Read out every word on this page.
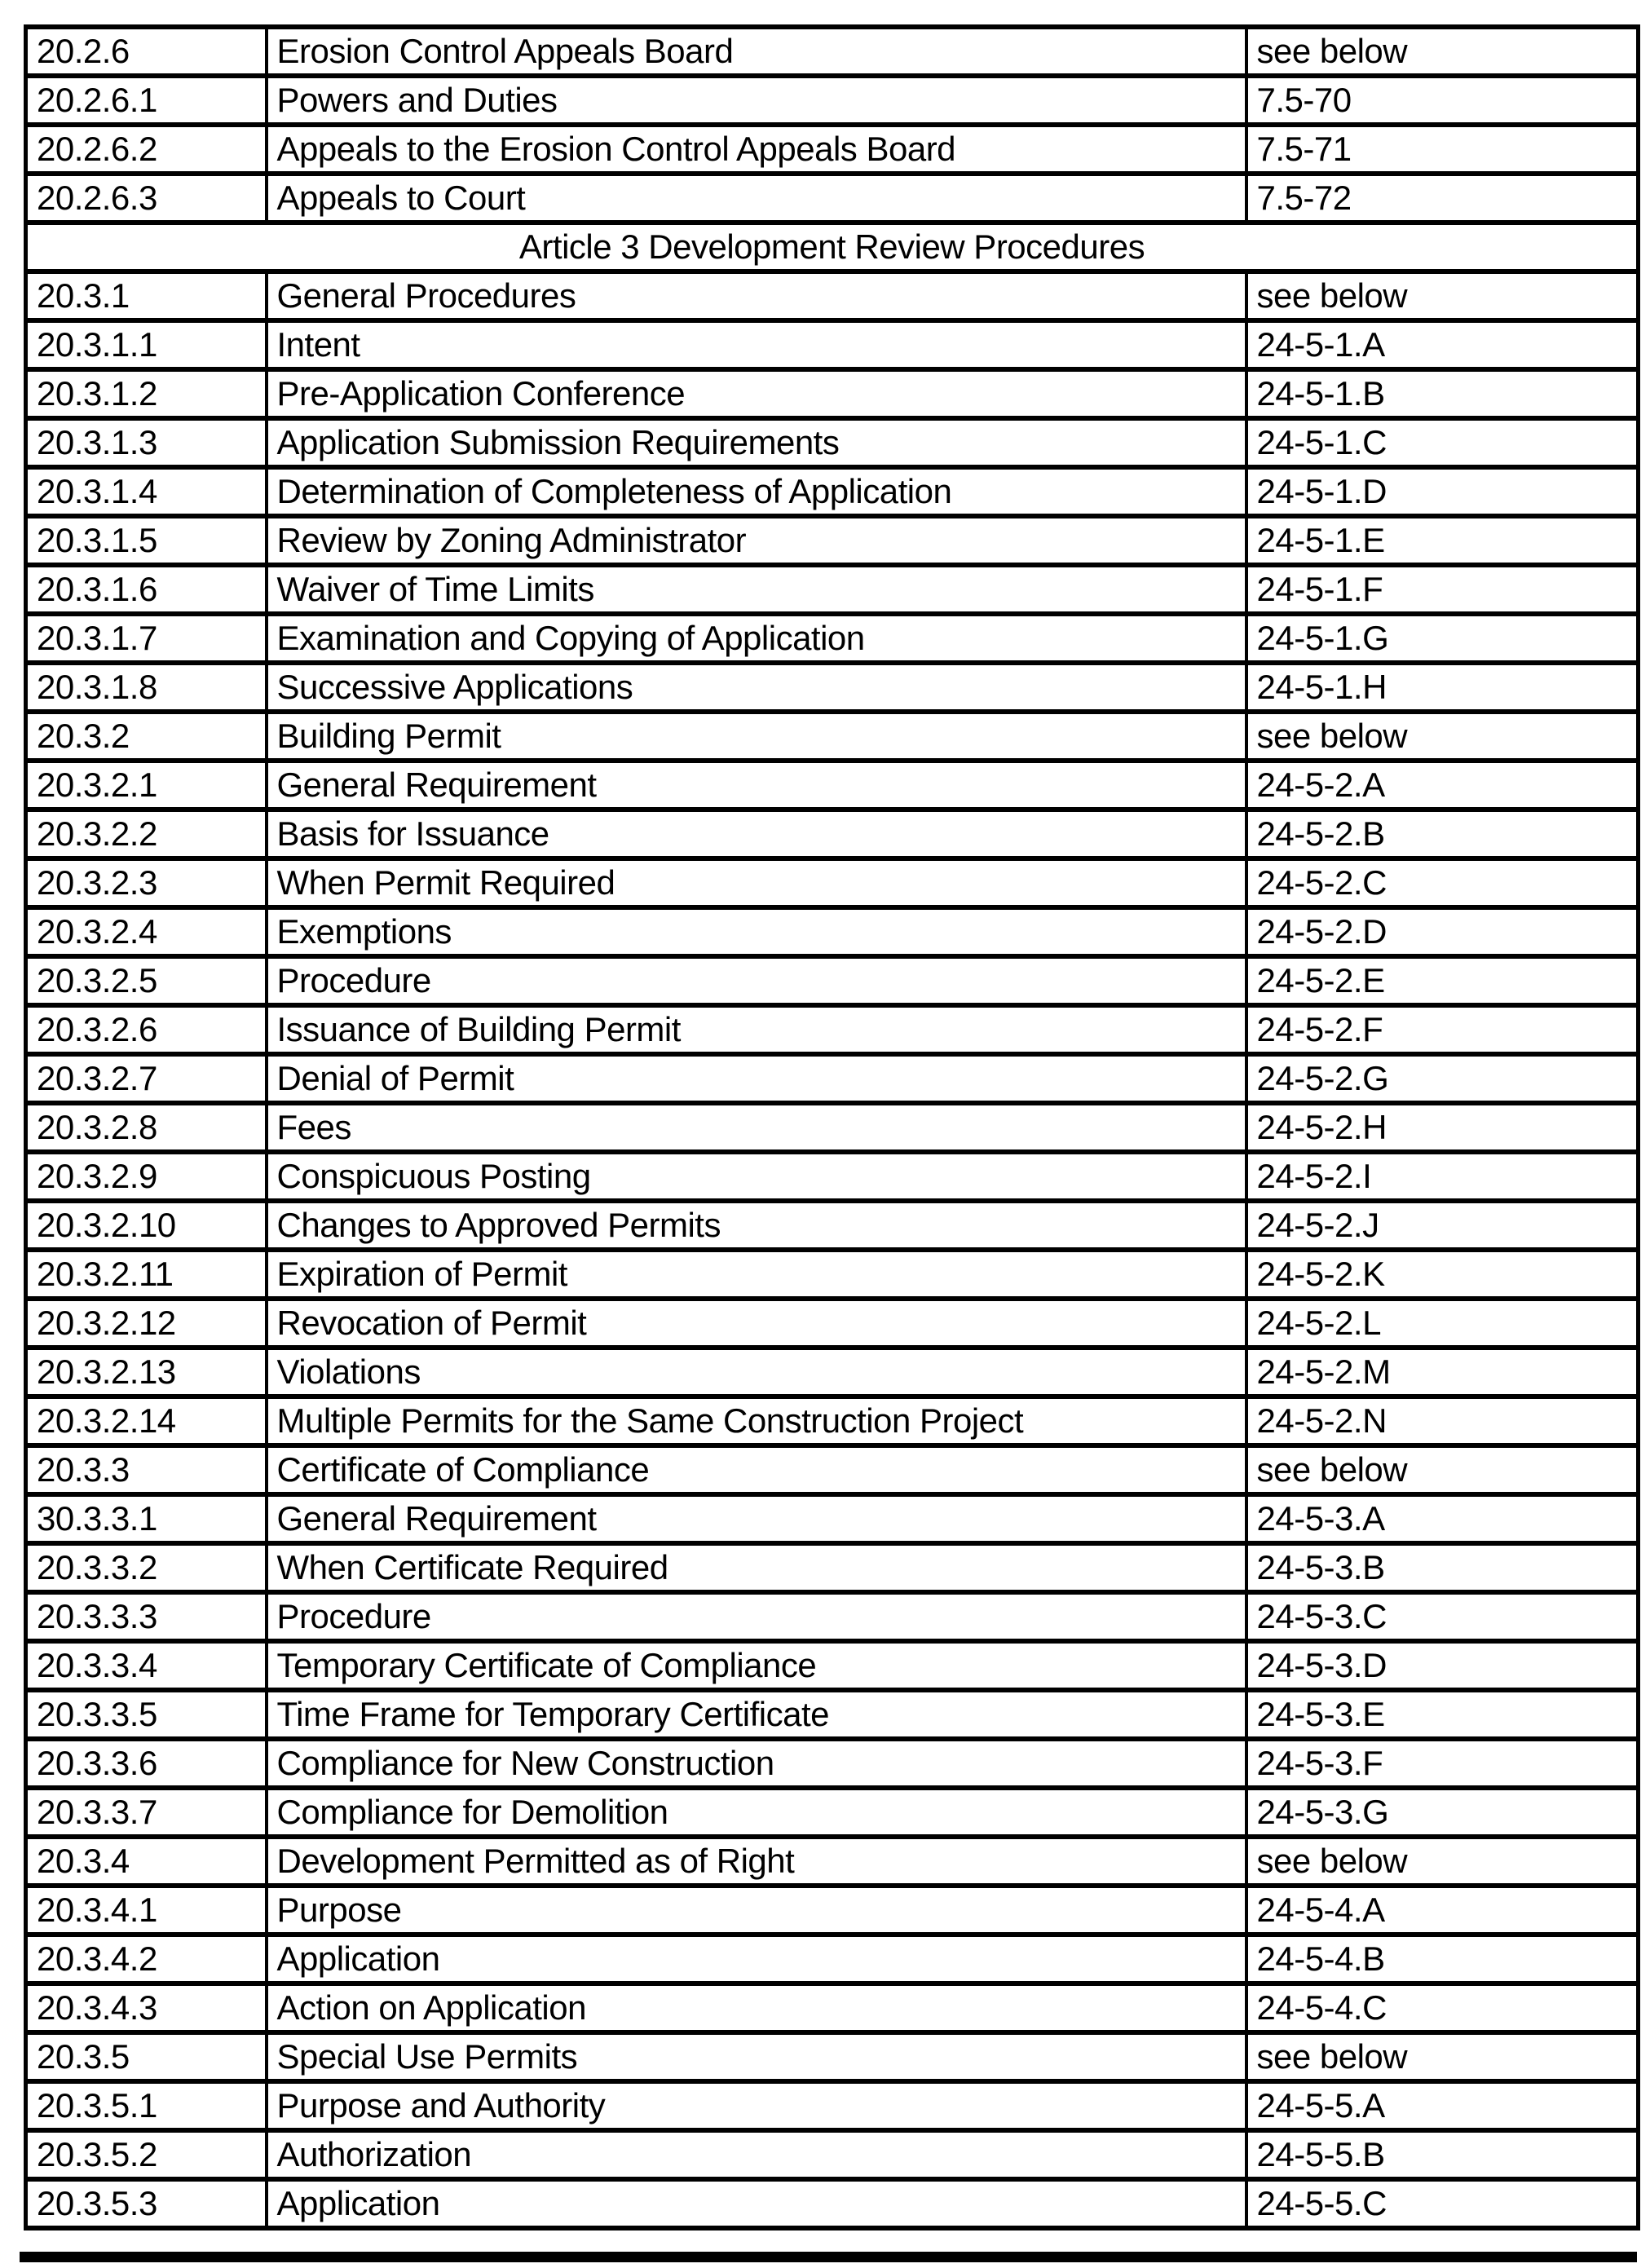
20.2.6	Erosion Control Appeals Board	see below
20.2.6.1	Powers and Duties	7.5-70
20.2.6.2	Appeals to the Erosion Control Appeals Board	7.5-71
20.2.6.3	Appeals to Court	7.5-72
Article 3 Development Review Procedures		
20.3.1	General Procedures	see below
20.3.1.1	Intent	24-5-1.A
20.3.1.2	Pre-Application Conference	24-5-1.B
20.3.1.3	Application Submission Requirements	24-5-1.C
20.3.1.4	Determination of Completeness of Application	24-5-1.D
20.3.1.5	Review by Zoning Administrator	24-5-1.E
20.3.1.6	Waiver of Time Limits	24-5-1.F
20.3.1.7	Examination and Copying of Application	24-5-1.G
20.3.1.8	Successive Applications	24-5-1.H
20.3.2	Building Permit	see below
20.3.2.1	General Requirement	24-5-2.A
20.3.2.2	Basis for Issuance	24-5-2.B
20.3.2.3	When Permit Required	24-5-2.C
20.3.2.4	Exemptions	24-5-2.D
20.3.2.5	Procedure	24-5-2.E
20.3.2.6	Issuance of Building Permit	24-5-2.F
20.3.2.7	Denial of Permit	24-5-2.G
20.3.2.8	Fees	24-5-2.H
20.3.2.9	Conspicuous Posting	24-5-2.I
20.3.2.10	Changes to Approved Permits	24-5-2.J
20.3.2.11	Expiration of Permit	24-5-2.K
20.3.2.12	Revocation of Permit	24-5-2.L
20.3.2.13	Violations	24-5-2.M
20.3.2.14	Multiple Permits for the Same Construction Project	24-5-2.N
20.3.3	Certificate of Compliance	see below
30.3.3.1	General Requirement	24-5-3.A
20.3.3.2	When Certificate Required	24-5-3.B
20.3.3.3	Procedure	24-5-3.C
20.3.3.4	Temporary Certificate of Compliance	24-5-3.D
20.3.3.5	Time Frame for Temporary Certificate	24-5-3.E
20.3.3.6	Compliance for New Construction	24-5-3.F
20.3.3.7	Compliance for Demolition	24-5-3.G
20.3.4	Development Permitted as of Right	see below
20.3.4.1	Purpose	24-5-4.A
20.3.4.2	Application	24-5-4.B
20.3.4.3	Action on Application	24-5-4.C
20.3.5	Special Use Permits	see below
20.3.5.1	Purpose and Authority	24-5-5.A
20.3.5.2	Authorization	24-5-5.B
20.3.5.3	Application	24-5-5.C
